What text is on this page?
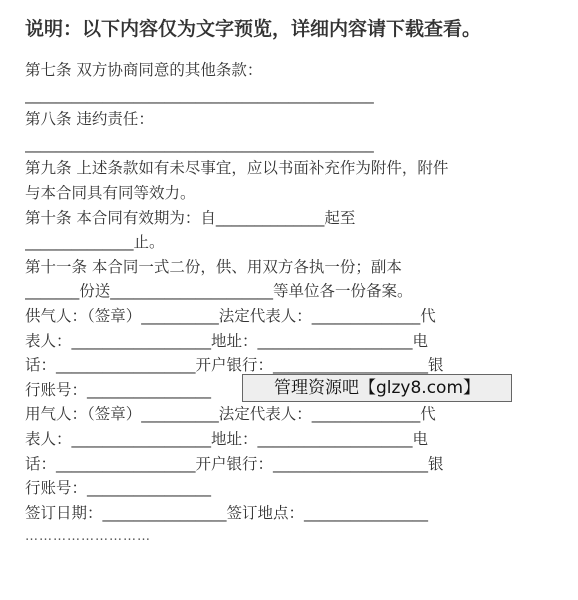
说明：以下内容仅为文字预览，详细内容请下载查看。
第七条 双方协商同意的其他条款：
_____________________________________________
第八条 违约责任：
_____________________________________________
第九条 上述条款如有未尽事宜，应以书面补充作为附件，附件
与本合同具有同等效力。
第十条 本合同有效期为：自______________起至
______________止。
第十一条 本合同一式二份，供、用双方各执一份；副本
_______份送_____________________等单位各一份备案。
供气人：（签章）__________法定代表人：______________代
表人：__________________地址：____________________电
话：__________________开户银行：____________________银
行账号：________________
用气人：（签章）__________法定代表人：______________代
表人：__________________地址：____________________电
话：__________________开户银行：____________________银
行账号：________________
签订日期：________________签订地点：________________
………………………
管理资源吧【glzy8.com】
